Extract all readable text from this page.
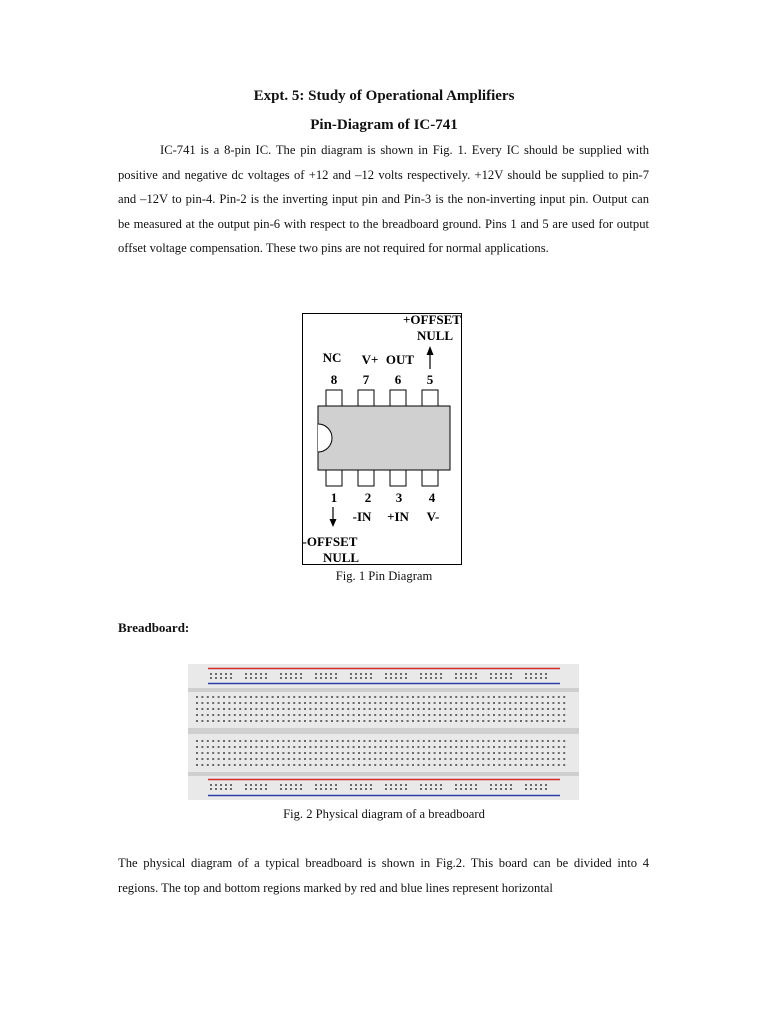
Expt. 5: Study of Operational Amplifiers
Pin-Diagram of IC-741

IC-741 is a 8-pin IC. The pin diagram is shown in Fig. 1. Every IC should be supplied with positive and negative dc voltages of +12 and –12 volts respectively. +12V should be supplied to pin-7 and –12V to pin-4. Pin-2 is the inverting input pin and Pin-3 is the non-inverting input pin. Output can be measured at the output pin-6 with respect to the breadboard ground. Pins 1 and 5 are used for output offset voltage compensation. These two pins are not required for normal applications.

8 7 6 5
NC V+ OUT
+OFFSET
NULL
1 2 3 4
-IN +IN V-
-OFFSET
NULL
Fig. 1 Pin Diagram
Breadboard:
Fig. 2 Physical diagram of a breadboard

The physical diagram of a typical breadboard is shown in Fig.2. This board can be divided into 4 regions. The top and bottom regions marked by red and blue lines represent horizontal
